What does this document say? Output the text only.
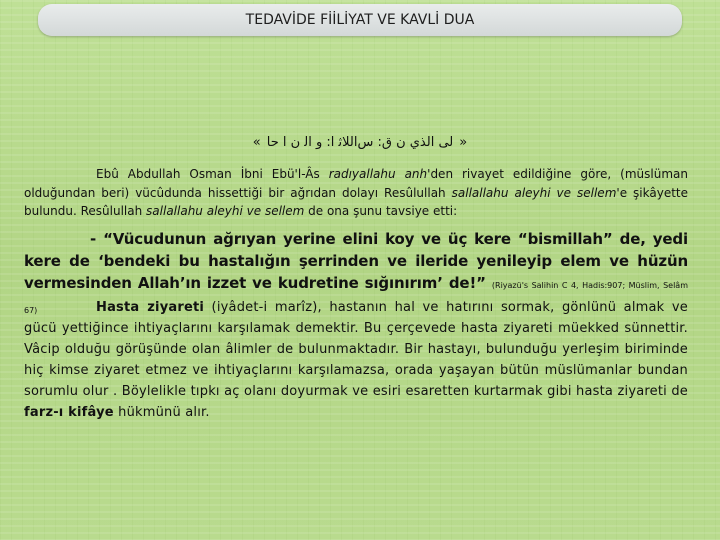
TEDAVİDE FİİLİYAT VE KAVLİ DUA
« ﻟﻰ ﺍﻟﺬﻱ ﻥ ﻕ: ﺱﺍﻟﻼﺛ ﺍ: ﻭ ﺍﻟ ﻥ ﺍ ﺣﺎ »
Ebû Abdullah Osman İbni Ebü'l-Âs radıyallahu anh'den rivayet edildiğine göre, (müslüman olduğundan beri) vücûdunda hissettiği bir ağrıdan dolayı Resûlullah sallallahu aleyhi ve sellem'e şikâyette bulundu. Resûlullah sallallahu aleyhi ve sellem de ona şunu tavsiye etti:
- “Vücudunun ağrıyan yerine elini koy ve üç kere “bismillah” de, yedi kere de ‘bendeki bu hastalığın şerrinden ve ileride yenileyip elem ve hüzün vermesinden Allah’ın izzet ve kudretine sığınırım’ de!” (Riyazü's Salihin C 4, Hadis:907; Müslim, Selâm 67)	Hasta ziyareti (iyâdet-i marîz), hastanın hal ve hatırını sormak, gönlünü almak ve gücü yettiğince ihtiyaçlarını karşılamak demektir. Bu çerçevede hasta ziyareti müekked sünnettir. Vâcip olduğu görüşünde olan âlimler de bulunmaktadır. Bir hastayı, bulunduğu yerleşim biriminde hiç kimse ziyaret etmez ve ihtiyaçlarını karşılamazsa, orada yaşayan bütün müslümanlar bundan sorumlu olur . Böylelikle tıpkı aç olanı doyurmak ve esiri esaretten kurtarmak gibi hasta ziyareti de farz-ı kifâye hükmünü alır.
